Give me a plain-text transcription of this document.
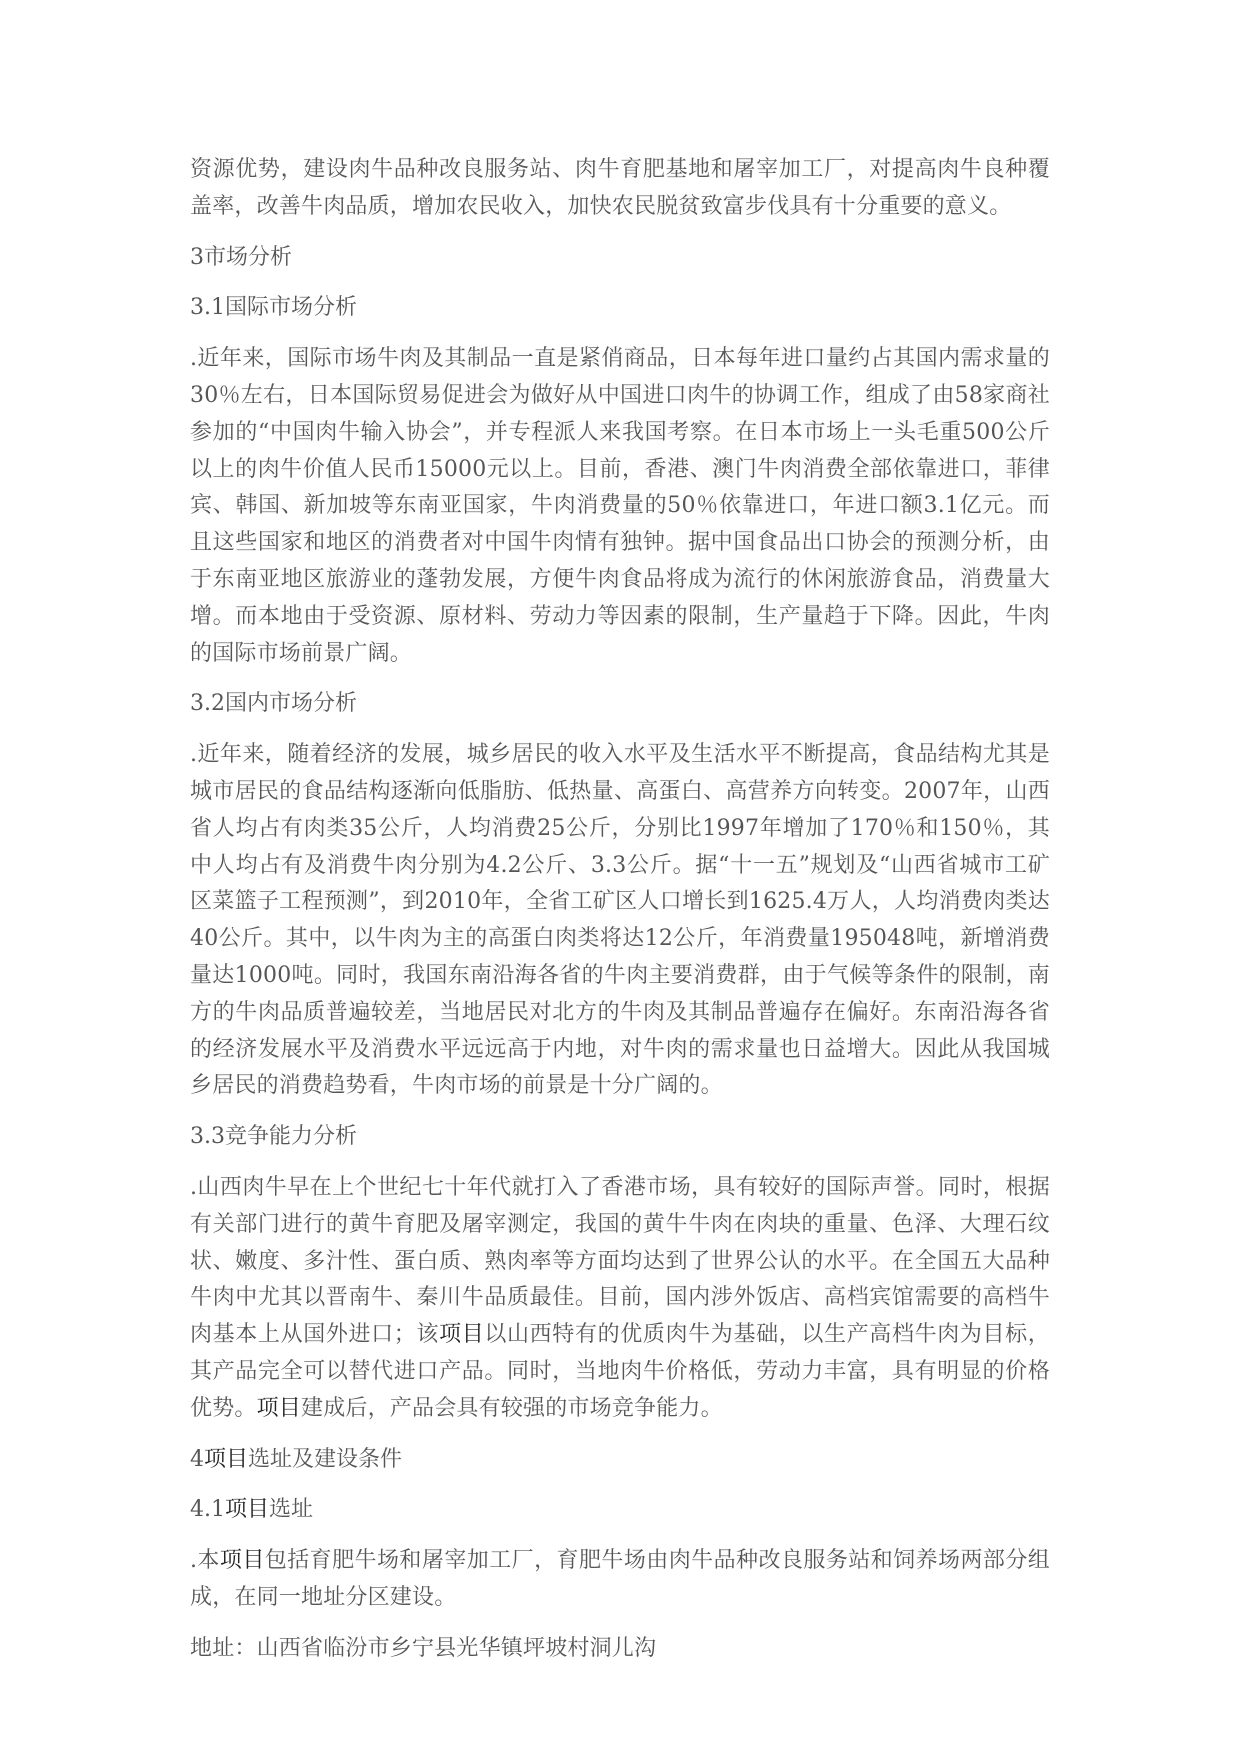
资源优势，建设肉牛品种改良服务站、肉牛育肥基地和屠宰加工厂，对提高肉牛良种覆盖率，改善牛肉品质，增加农民收入，加快农民脱贫致富步伐具有十分重要的意义。

3市场分析

3.1国际市场分析

.近年来，国际市场牛肉及其制品一直是紧俏商品，日本每年进口量约占其国内需求量的30％左右，日本国际贸易促进会为做好从中国进口肉牛的协调工作，组成了由58家商社参加的“中国肉牛输入协会”，并专程派人来我国考察。在日本市场上一头毛重500公斤以上的肉牛价值人民币15000元以上。目前，香港、澳门牛肉消费全部依靠进口，菲律宾、韩国、新加坡等东南亚国家，牛肉消费量的50％依靠进口，年进口额3.1亿元。而且这些国家和地区的消费者对中国牛肉情有独钟。据中国食品出口协会的预测分析，由于东南亚地区旅游业的蓬勃发展，方便牛肉食品将成为流行的休闲旅游食品，消费量大增。而本地由于受资源、原材料、劳动力等因素的限制，生产量趋于下降。因此，牛肉的国际市场前景广阔。

3.2国内市场分析

.近年来，随着经济的发展，城乡居民的收入水平及生活水平不断提高，食品结构尤其是城市居民的食品结构逐渐向低脂肪、低热量、高蛋白、高营养方向转变。2007年，山西省人均占有肉类35公斤，人均消费25公斤，分别比1997年增加了170％和150％，其中人均占有及消费牛肉分别为4.2公斤、3.3公斤。据“十一五”规划及“山西省城市工矿区菜篮子工程预测”，到2010年，全省工矿区人口增长到1625.4万人，人均消费肉类达40公斤。其中，以牛肉为主的高蛋白肉类将达12公斤，年消费量195048吨，新增消费量达1000吨。同时，我国东南沿海各省的牛肉主要消费群，由于气候等条件的限制，南方的牛肉品质普遍较差，当地居民对北方的牛肉及其制品普遍存在偏好。东南沿海各省的经济发展水平及消费水平远远高于内地，对牛肉的需求量也日益增大。因此从我国城乡居民的消费趋势看，牛肉市场的前景是十分广阔的。

3.3竞争能力分析

.山西肉牛早在上个世纪七十年代就打入了香港市场，具有较好的国际声誉。同时，根据有关部门进行的黄牛育肥及屠宰测定，我国的黄牛牛肉在肉块的重量、色泽、大理石纹状、嫩度、多汁性、蛋白质、熟肉率等方面均达到了世界公认的水平。在全国五大品种牛肉中尤其以晋南牛、秦川牛品质最佳。目前，国内涉外饭店、高档宾馆需要的高档牛肉基本上从国外进口；该项目以山西特有的优质肉牛为基础，以生产高档牛肉为目标，其产品完全可以替代进口产品。同时，当地肉牛价格低，劳动力丰富，具有明显的价格优势。项目建成后，产品会具有较强的市场竞争能力。

4项目选址及建设条件

4.1项目选址

.本项目包括育肥牛场和屠宰加工厂，育肥牛场由肉牛品种改良服务站和饲养场两部分组成，在同一地址分区建设。

地址：山西省临汾市乡宁县光华镇坪坡村洞儿沟
